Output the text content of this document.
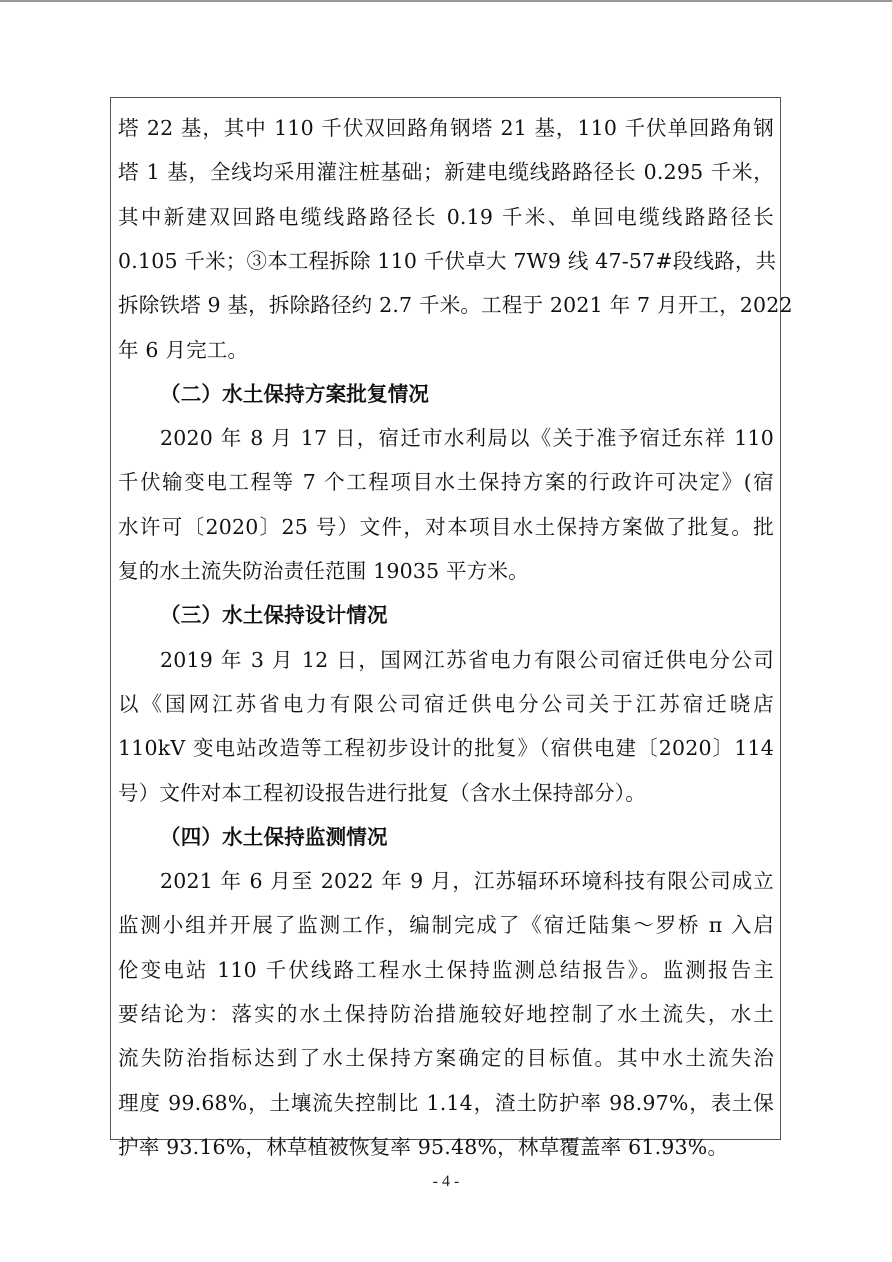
塔 22 基，其中 110 千伏双回路角钢塔 21 基，110 千伏单回路角钢
塔 1 基，全线均采用灌注桩基础；新建电缆线路路径长 0.295 千米，
其中新建双回路电缆线路路径长 0.19 千米、单回电缆线路路径长
0.105 千米；③本工程拆除 110 千伏卓大 7W9 线 47-57#段线路，共
拆除铁塔 9 基，拆除路径约 2.7 千米。工程于 2021 年 7 月开工，2022
年 6 月完工。
（二）水土保持方案批复情况
2020 年 8 月 17 日，宿迁市水利局以《关于准予宿迁东祥 110
千伏输变电工程等 7 个工程项目水土保持方案的行政许可决定》(宿
水许可〔2020〕25 号）文件，对本项目水土保持方案做了批复。批
复的水土流失防治责任范围 19035 平方米。
（三）水土保持设计情况
2019 年 3 月 12 日，国网江苏省电力有限公司宿迁供电分公司
以《国网江苏省电力有限公司宿迁供电分公司关于江苏宿迁晓店
110kV 变电站改造等工程初步设计的批复》（宿供电建〔2020〕114
号）文件对本工程初设报告进行批复（含水土保持部分）。
（四）水土保持监测情况
2021 年 6 月至 2022 年 9 月，江苏辐环环境科技有限公司成立
监测小组并开展了监测工作，编制完成了《宿迁陆集～罗桥 π 入启
伦变电站 110 千伏线路工程水土保持监测总结报告》。监测报告主
要结论为：落实的水土保持防治措施较好地控制了水土流失，水土
流失防治指标达到了水土保持方案确定的目标值。其中水土流失治
理度 99.68%，土壤流失控制比 1.14，渣土防护率 98.97%，表土保
护率 93.16%，林草植被恢复率 95.48%，林草覆盖率 61.93%。
- 4 -
